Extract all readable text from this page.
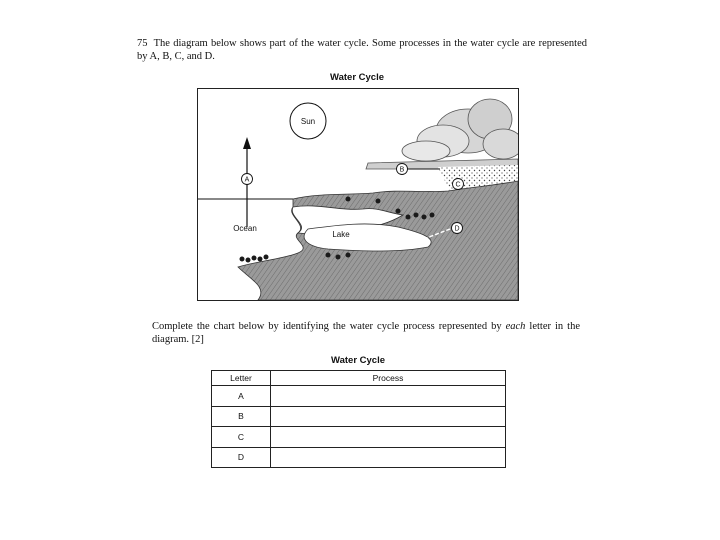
75 The diagram below shows part of the water cycle. Some processes in the water cycle are represented by A, B, C, and D.
Water Cycle
Sun
Ocean
Lake
A
B
C
D
Complete the chart below by identifying the water cycle process represented by each letter in the diagram. [2]
Water Cycle
Letter	Process
A	
B	
C	
D	
